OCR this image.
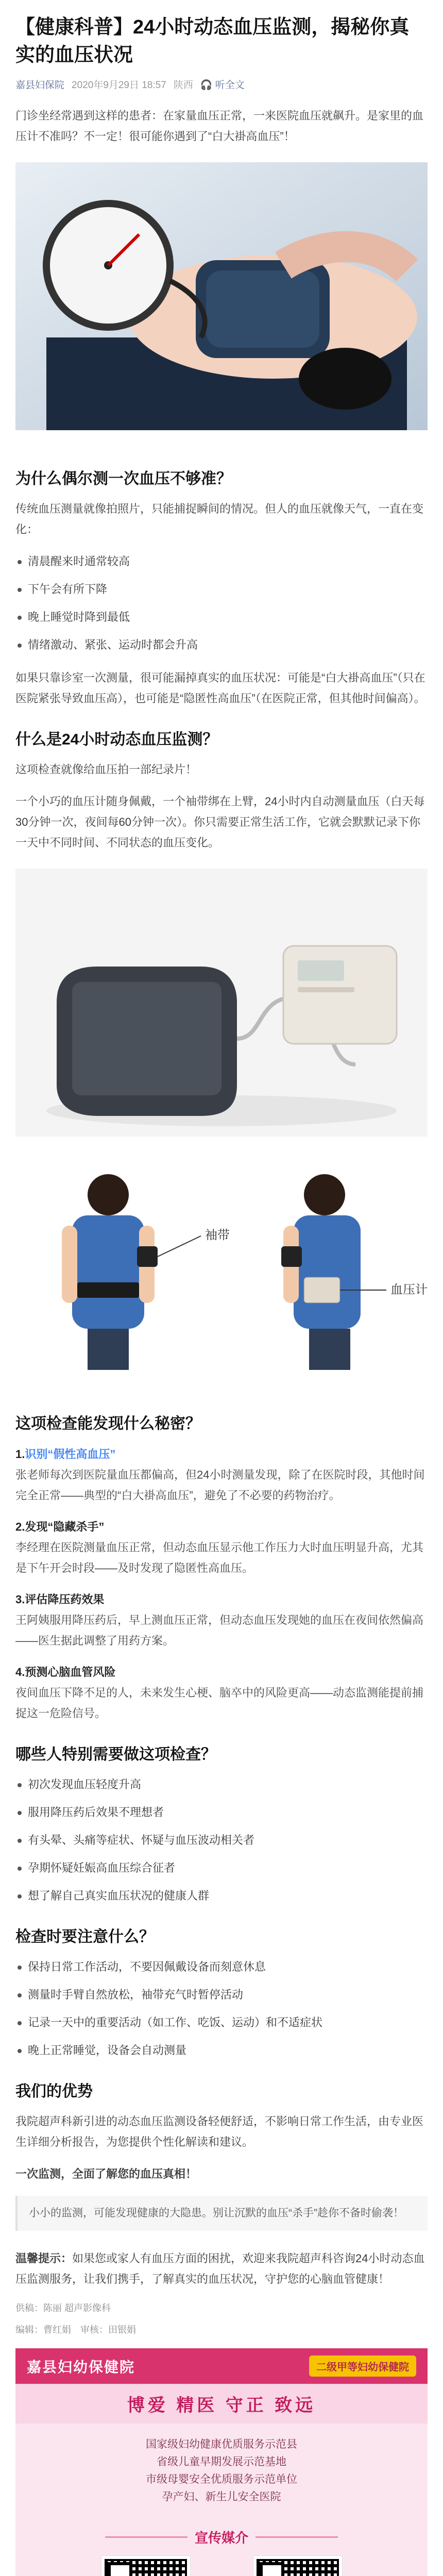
【健康科普】24小时动态血压监测，揭秘你真实的血压状况
嘉县妇保院 2020年9月29日 18:57 陕西 🎧 听全文

门诊坐经常遇到这样的患者：在家量血压正常，一来医院血压就飙升。是家里的血压计不准吗？不一定！很可能你遇到了“白大褂高血压”！

为什么偶尔测一次血压不够准？

传统血压测量就像拍照片，只能捕捉瞬间的情况。但人的血压就像天气，一直在变化：

清晨醒来时通常较高
下午会有所下降
晚上睡觉时降到最低
情绪激动、紧张、运动时都会升高

如果只靠诊室一次测量，很可能漏掉真实的血压状况：可能是“白大褂高血压”（只在医院紧张导致血压高），也可能是“隐匿性高血压”（在医院正常，但其他时间偏高）。

什么是24小时动态血压监测？

这项检查就像给血压拍一部纪录片！

一个小巧的血压计随身佩戴，一个袖带绑在上臂，24小时内自动测量血压（白天每30分钟一次，夜间每60分钟一次）。你只需要正常生活工作，它就会默默记录下你一天中不同时间、不同状态的血压变化。

袖带
血压计
这项检查能发现什么秘密？
1.识别“假性高血压”

张老师每次到医院量血压都偏高，但24小时测量发现，除了在医院时段，其他时间完全正常——典型的“白大褂高血压”，避免了不必要的药物治疗。

2.发现“隐藏杀手”

李经理在医院测量血压正常，但动态血压显示他工作压力大时血压明显升高，尤其是下午开会时段——及时发现了隐匿性高血压。

3.评估降压药效果

王阿姨服用降压药后，早上测血压正常，但动态血压发现她的血压在夜间依然偏高——医生据此调整了用药方案。

4.预测心脑血管风险

夜间血压下降不足的人，未来发生心梗、脑卒中的风险更高——动态监测能提前捕捉这一危险信号。

哪些人特别需要做这项检查？
初次发现血压轻度升高
服用降压药后效果不理想者
有头晕、头痛等症状、怀疑与血压波动相关者
孕期怀疑妊娠高血压综合征者
想了解自己真实血压状况的健康人群
检查时要注意什么？
保持日常工作活动，不要因佩戴设备而刻意休息
测量时手臂自然放松，袖带充气时暂停活动
记录一天中的重要活动（如工作、吃饭、运动）和不适症状
晚上正常睡觉，设备会自动测量
我们的优势

我院超声科新引进的动态血压监测设备轻便舒适，不影响日常工作生活，由专业医生详细分析报告，为您提供个性化解读和建议。

一次监测，全面了解您的血压真相！

小小的监测，可能发现健康的大隐患。别让沉默的血压“杀手”趁你不备时偷袭！

温馨提示：如果您或家人有血压方面的困扰，欢迎来我院超声科咨询24小时动态血压监测服务，让我们携手，了解真实的血压状况，守护您的心脑血管健康！

供稿：陈丽 超声影像科
编辑：曹红娟　审核：田银娟
嘉县妇幼保健院	二级甲等妇幼保健院
博爱 精医 守正 致远
国家级妇幼健康优质服务示范县
省级儿童早期发展示范基地
市级母婴安全优质服务示范单位
孕产妇、新生儿安全医院
宣传媒介
